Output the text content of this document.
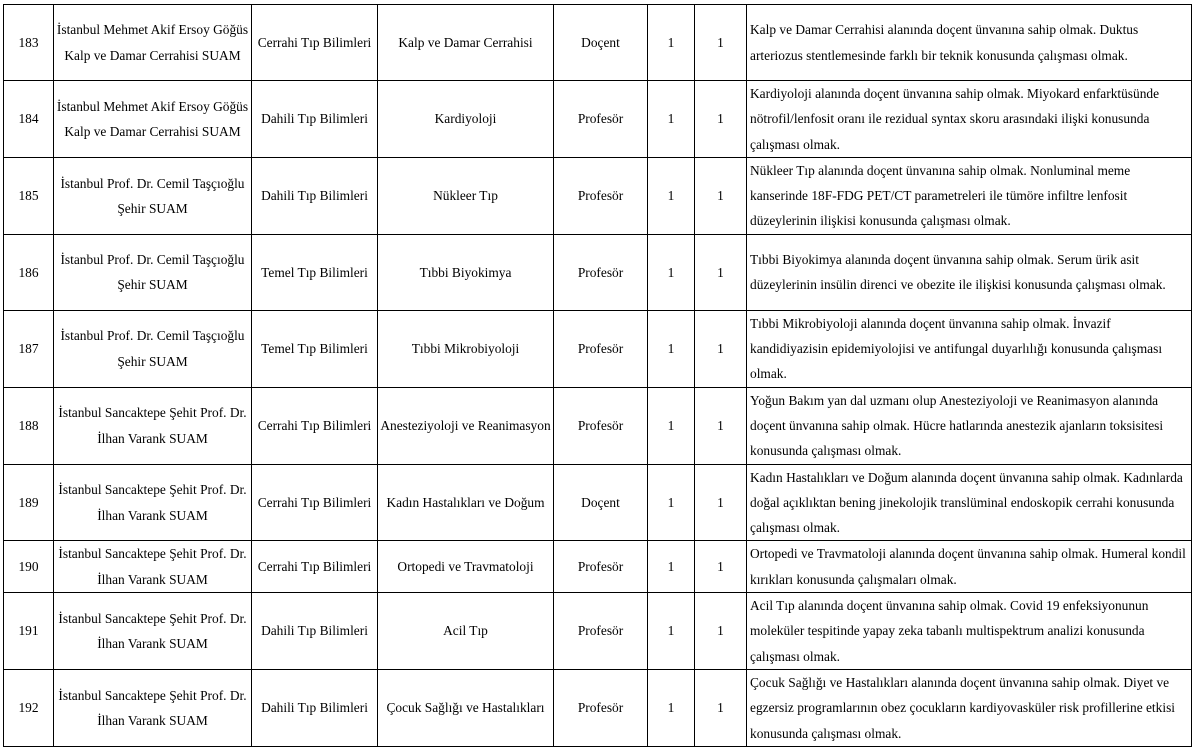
183	İstanbul Mehmet Akif Ersoy Göğüs Kalp ve Damar Cerrahisi SUAM	Cerrahi Tıp Bilimleri	Kalp ve Damar Cerrahisi	Doçent	1	1	Kalp ve Damar Cerrahisi alanında doçent ünvanına sahip olmak. Duktus arteriozus stentlemesinde farklı bir teknik konusunda çalışması olmak.
184	İstanbul Mehmet Akif Ersoy Göğüs Kalp ve Damar Cerrahisi SUAM	Dahili Tıp Bilimleri	Kardiyoloji	Profesör	1	1	Kardiyoloji alanında doçent ünvanına sahip olmak. Miyokard enfarktüsünde nötrofil/lenfosit oranı ile rezidual syntax skoru arasındaki ilişki konusunda çalışması olmak.
185	İstanbul Prof. Dr. Cemil Taşçıoğlu Şehir SUAM	Dahili Tıp Bilimleri	Nükleer Tıp	Profesör	1	1	Nükleer Tıp alanında doçent ünvanına sahip olmak. Nonluminal meme kanserinde 18F-FDG PET/CT parametreleri ile tümöre infiltre lenfosit düzeylerinin ilişkisi konusunda çalışması olmak.
186	İstanbul Prof. Dr. Cemil Taşçıoğlu Şehir SUAM	Temel Tıp Bilimleri	Tıbbi Biyokimya	Profesör	1	1	Tıbbi Biyokimya alanında doçent ünvanına sahip olmak. Serum ürik asit düzeylerinin insülin direnci ve obezite ile ilişkisi konusunda çalışması olmak.
187	İstanbul Prof. Dr. Cemil Taşçıoğlu Şehir SUAM	Temel Tıp Bilimleri	Tıbbi Mikrobiyoloji	Profesör	1	1	Tıbbi Mikrobiyoloji alanında doçent ünvanına sahip olmak. İnvazif kandidiyazisin epidemiyolojisi ve antifungal duyarlılığı konusunda çalışması olmak.
188	İstanbul Sancaktepe Şehit Prof. Dr. İlhan Varank SUAM	Cerrahi Tıp Bilimleri	Anesteziyoloji ve Reanimasyon	Profesör	1	1	Yoğun Bakım yan dal uzmanı olup Anesteziyoloji ve Reanimasyon alanında doçent ünvanına sahip olmak. Hücre hatlarında anestezik ajanların toksisitesi konusunda çalışması olmak.
189	İstanbul Sancaktepe Şehit Prof. Dr. İlhan Varank SUAM	Cerrahi Tıp Bilimleri	Kadın Hastalıkları ve Doğum	Doçent	1	1	Kadın Hastalıkları ve Doğum alanında doçent ünvanına sahip olmak. Kadınlarda doğal açıklıktan bening jinekolojik translüminal endoskopik cerrahi konusunda çalışması olmak.
190	İstanbul Sancaktepe Şehit Prof. Dr. İlhan Varank SUAM	Cerrahi Tıp Bilimleri	Ortopedi ve Travmatoloji	Profesör	1	1	Ortopedi ve Travmatoloji alanında doçent ünvanına sahip olmak. Humeral kondil kırıkları konusunda çalışmaları olmak.
191	İstanbul Sancaktepe Şehit Prof. Dr. İlhan Varank SUAM	Dahili Tıp Bilimleri	Acil Tıp	Profesör	1	1	Acil Tıp alanında doçent ünvanına sahip olmak. Covid 19 enfeksiyonunun moleküler tespitinde yapay zeka tabanlı multispektrum analizi konusunda çalışması olmak.
192	İstanbul Sancaktepe Şehit Prof. Dr. İlhan Varank SUAM	Dahili Tıp Bilimleri	Çocuk Sağlığı ve Hastalıkları	Profesör	1	1	Çocuk Sağlığı ve Hastalıkları alanında doçent ünvanına sahip olmak. Diyet ve egzersiz programlarının obez çocukların kardiyovasküler risk profillerine etkisi konusunda çalışması olmak.
